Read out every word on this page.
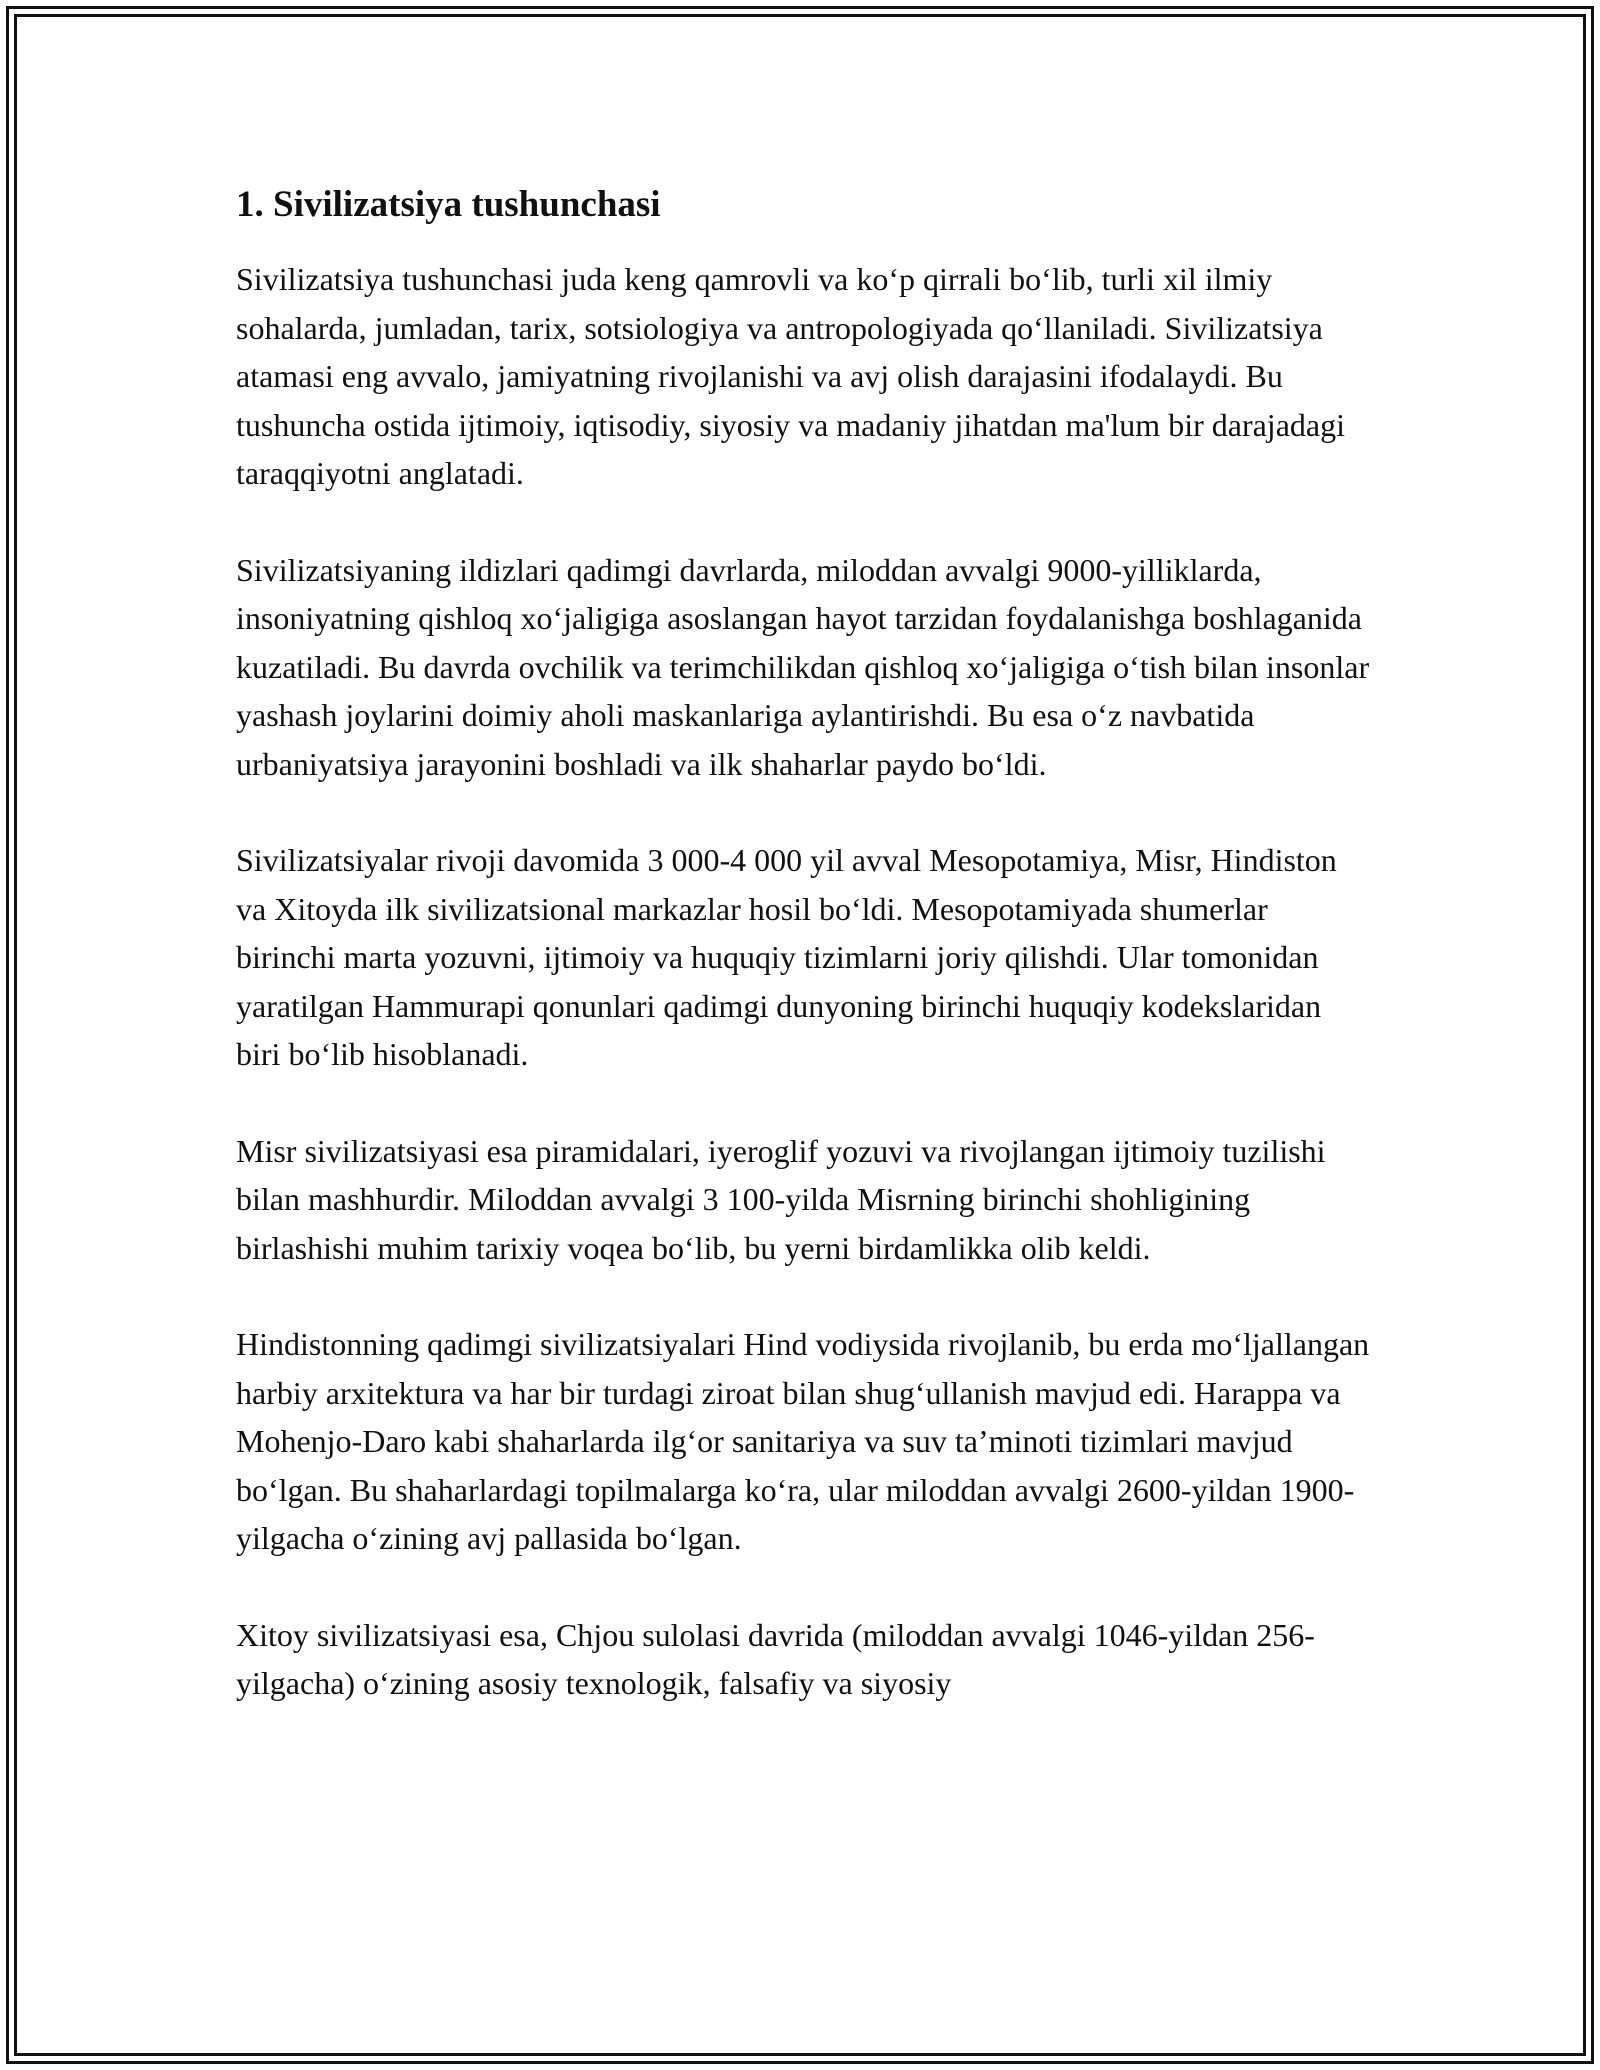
1. Sivilizatsiya tushunchasi

Sivilizatsiya tushunchasi juda keng qamrovli va koʻp qirrali boʻlib, turli xil ilmiy sohalarda, jumladan, tarix, sotsiologiya va antropologiyada qoʻllaniladi. Sivilizatsiya atamasi eng avvalo, jamiyatning rivojlanishi va avj olish darajasini ifodalaydi. Bu tushuncha ostida ijtimoiy, iqtisodiy, siyosiy va madaniy jihatdan ma'lum bir darajadagi taraqqiyotni anglatadi.

Sivilizatsiyaning ildizlari qadimgi davrlarda, miloddan avvalgi 9000-yilliklarda, insoniyatning qishloq xoʻjaligiga asoslangan hayot tarzidan foydalanishga boshlaganida kuzatiladi. Bu davrda ovchilik va terimchilikdan qishloq xoʻjaligiga oʻtish bilan insonlar yashash joylarini doimiy aholi maskanlariga aylantirishdi. Bu esa oʻz navbatida urbaniyatsiya jarayonini boshladi va ilk shaharlar paydo boʻldi.

Sivilizatsiyalar rivoji davomida 3 000-4 000 yil avval Mesopotamiya, Misr, Hindiston va Xitoyda ilk sivilizatsional markazlar hosil boʻldi. Mesopotamiyada shumerlar birinchi marta yozuvni, ijtimoiy va huquqiy tizimlarni joriy qilishdi. Ular tomonidan yaratilgan Hammurapi qonunlari qadimgi dunyoning birinchi huquqiy kodekslaridan biri boʻlib hisoblanadi.

Misr sivilizatsiyasi esa piramidalari, iyeroglif yozuvi va rivojlangan ijtimoiy tuzilishi bilan mashhurdir. Miloddan avvalgi 3 100-yilda Misrning birinchi shohligining birlashishi muhim tarixiy voqea boʻlib, bu yerni birdamlikka olib keldi.

Hindistonning qadimgi sivilizatsiyalari Hind vodiysida rivojlanib, bu erda moʻljallangan harbiy arxitektura va har bir turdagi ziroat bilan shugʻullanish mavjud edi. Harappa va Mohenjo-Daro kabi shaharlarda ilgʻor sanitariya va suv ta’minoti tizimlari mavjud boʻlgan. Bu shaharlardagi topilmalarga koʻra, ular miloddan avvalgi 2600-yildan 1900-yilgacha oʻzining avj pallasida boʻlgan.

Xitoy sivilizatsiyasi esa, Chjou sulolasi davrida (miloddan avvalgi 1046-yildan 256-yilgacha) oʻzining asosiy texnologik, falsafiy va siyosiy
